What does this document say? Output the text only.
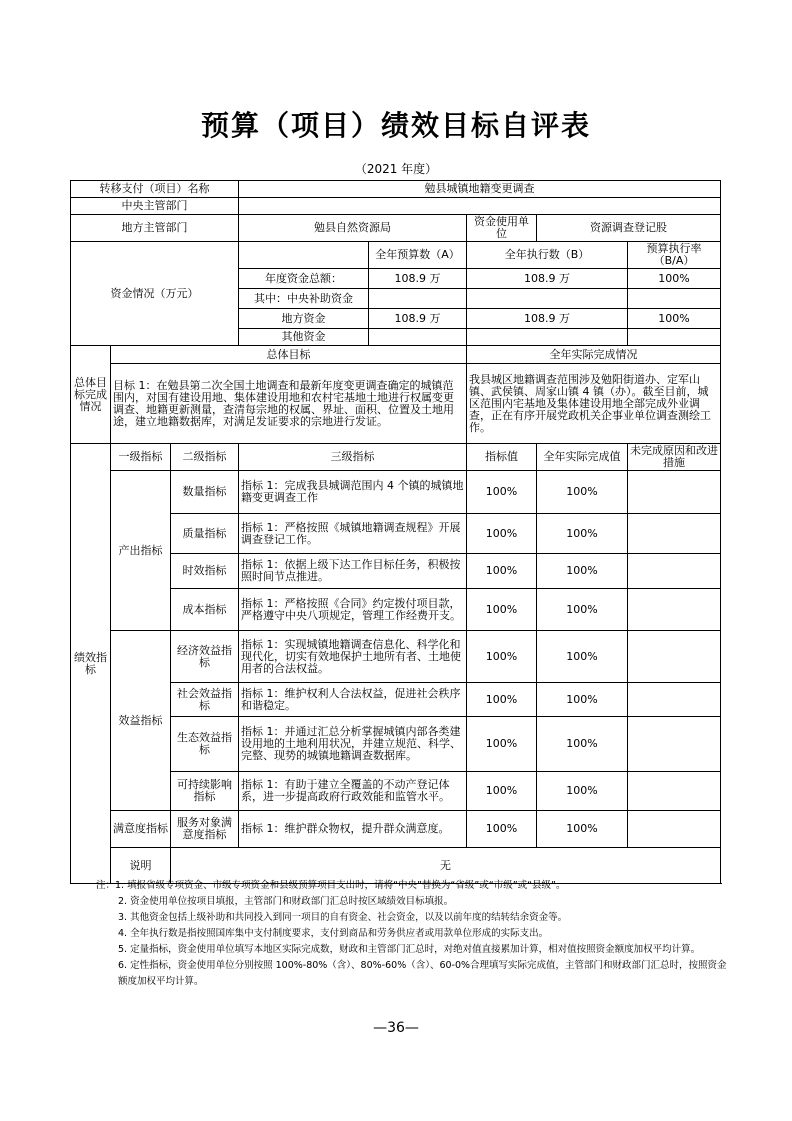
预算（项目）绩效目标自评表
（2021 年度）
转移支付（项目）名称			勉县城镇地籍变更调查				
中央主管部门							
地方主管部门			勉县自然资源局		资金使用单位	资源调查登记股	
资金情况（万元）				全年预算数（A）	全年执行数（B）		预算执行率（B/A）
			年度资金总额：	108.9 万	108.9 万		100%
			其中：中央补助资金				
			地方资金	108.9 万	108.9 万		100%
			其他资金				
总体目标完成情况	总体目标				全年实际完成情况		
	目标 1：在勉县第二次全国土地调查和最新年度变更调查确定的城镇范围内，对国有建设用地、集体建设用地和农村宅基地土地进行权属变更调查、地籍更新测量，查清每宗地的权属、界址、面积、位置及土地用途，建立地籍数据库，对满足发证要求的宗地进行发证。				我县城区地籍调查范围涉及勉阳街道办、定军山镇、武侯镇、周家山镇 4 镇（办）。截至目前，城区范围内宅基地及集体建设用地全部完成外业调查，正在有序开展党政机关企事业单位调查测绘工作。		
绩效指标	一级指标	二级指标	三级指标		指标值	全年实际完成值	未完成原因和改进措施
	产出指标	数量指标	指标 1：完成我县城调范围内 4 个镇的城镇地籍变更调查工作		100%	100%	
		质量指标	指标 1：严格按照《城镇地籍调查规程》开展调查登记工作。		100%	100%	
		时效指标	指标 1：依据上级下达工作目标任务，积极按照时间节点推进。		100%	100%	
		成本指标	指标 1：严格按照《合同》约定拨付项目款，严格遵守中央八项规定，管理工作经费开支。		100%	100%	
	效益指标	经济效益指标	指标 1：实现城镇地籍调查信息化、科学化和现代化，切实有效地保护土地所有者、土地使用者的合法权益。		100%	100%	
		社会效益指标	指标 1：维护权利人合法权益，促进社会秩序和谐稳定。		100%	100%	
		生态效益指标	指标 1：并通过汇总分析掌握城镇内部各类建设用地的土地利用状况，并建立规范、科学、完整、现势的城镇地籍调查数据库。		100%	100%	
		可持续影响指标	指标 1：有助于建立全覆盖的不动产登记体系，进一步提高政府行政效能和监管水平。		100%	100%	
	满意度指标	服务对象满意度指标	指标 1：维护群众物权，提升群众满意度。		100%	100%	
	说明	无					

注：1. 填报省级专项资金、市级专项资金和县级预算项目支出时，请将“中央”替换为“省级”或“市级”或“县级”。

2. 资金使用单位按项目填报，主管部门和财政部门汇总时按区域绩效目标填报。

3. 其他资金包括上级补助和共同投入到同一项目的自有资金、社会资金，以及以前年度的结转结余资金等。

4. 全年执行数是指按照国库集中支付制度要求，支付到商品和劳务供应者或用款单位形成的实际支出。

5. 定量指标，资金使用单位填写本地区实际完成数，财政和主管部门汇总时，对绝对值直接累加计算，相对值按照资金额度加权平均计算。

6. 定性指标，资金使用单位分别按照 100%-80%（含）、80%-60%（含）、60-0%合理填写实际完成值，主管部门和财政部门汇总时，按照资金额度加权平均计算。

—36—
